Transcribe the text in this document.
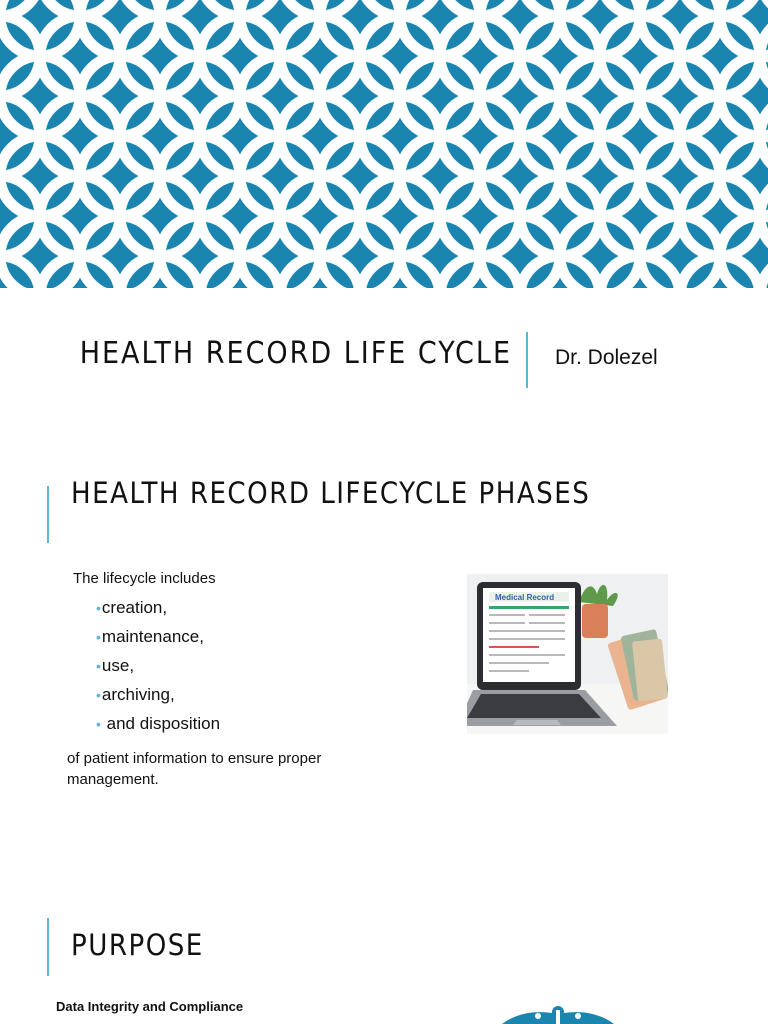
HEALTH RECORD LIFE CYCLE Dr. Dolezel

HEALTH RECORD LIFECYCLE PHASES

The lifecycle includes

• creation,
• maintenance,
• use,
• archiving,
• and disposition

of patient information to ensure proper management.

Medical Record
PURPOSE

Data Integrity and Compliance
